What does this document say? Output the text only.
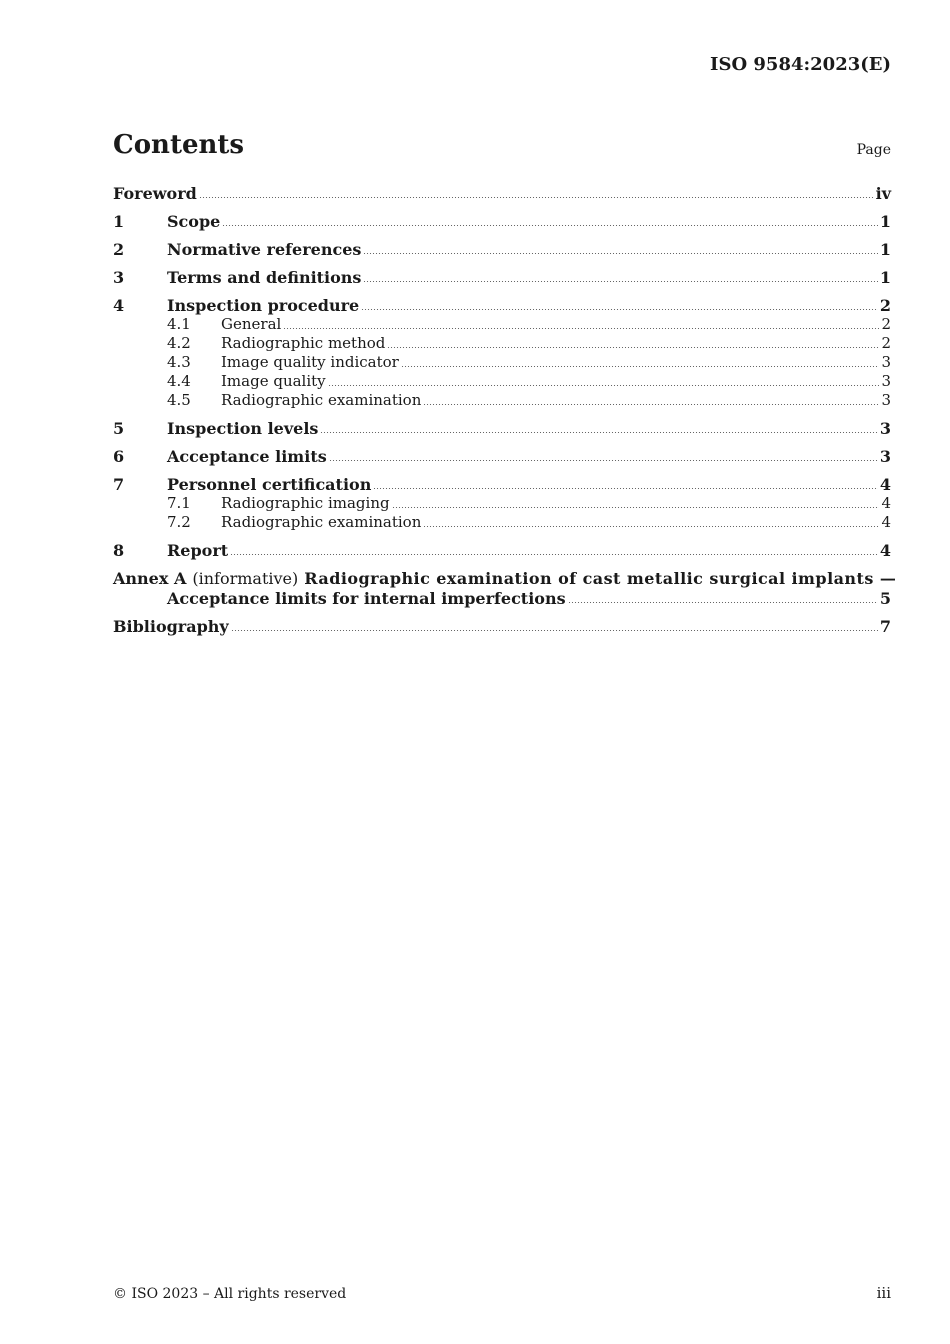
ISO 9584:2023(E)
Contents	Page
Foreword	iv
1	Scope	1
2	Normative references	1
3	Terms and definitions	1
4	Inspection procedure	2
4.1	General	2
4.2	Radiographic method	2
4.3	Image quality indicator	3
4.4	Image quality	3
4.5	Radiographic examination	3
5	Inspection levels	3
6	Acceptance limits	3
7	Personnel certification	4
7.1	Radiographic imaging	4
7.2	Radiographic examination	4
8	Report	4
Annex A (informative) Radiographic examination of cast metallic surgical implants —
Acceptance limits for internal imperfections	5
Bibliography	7
© ISO 2023 – All rights reserved	iii
